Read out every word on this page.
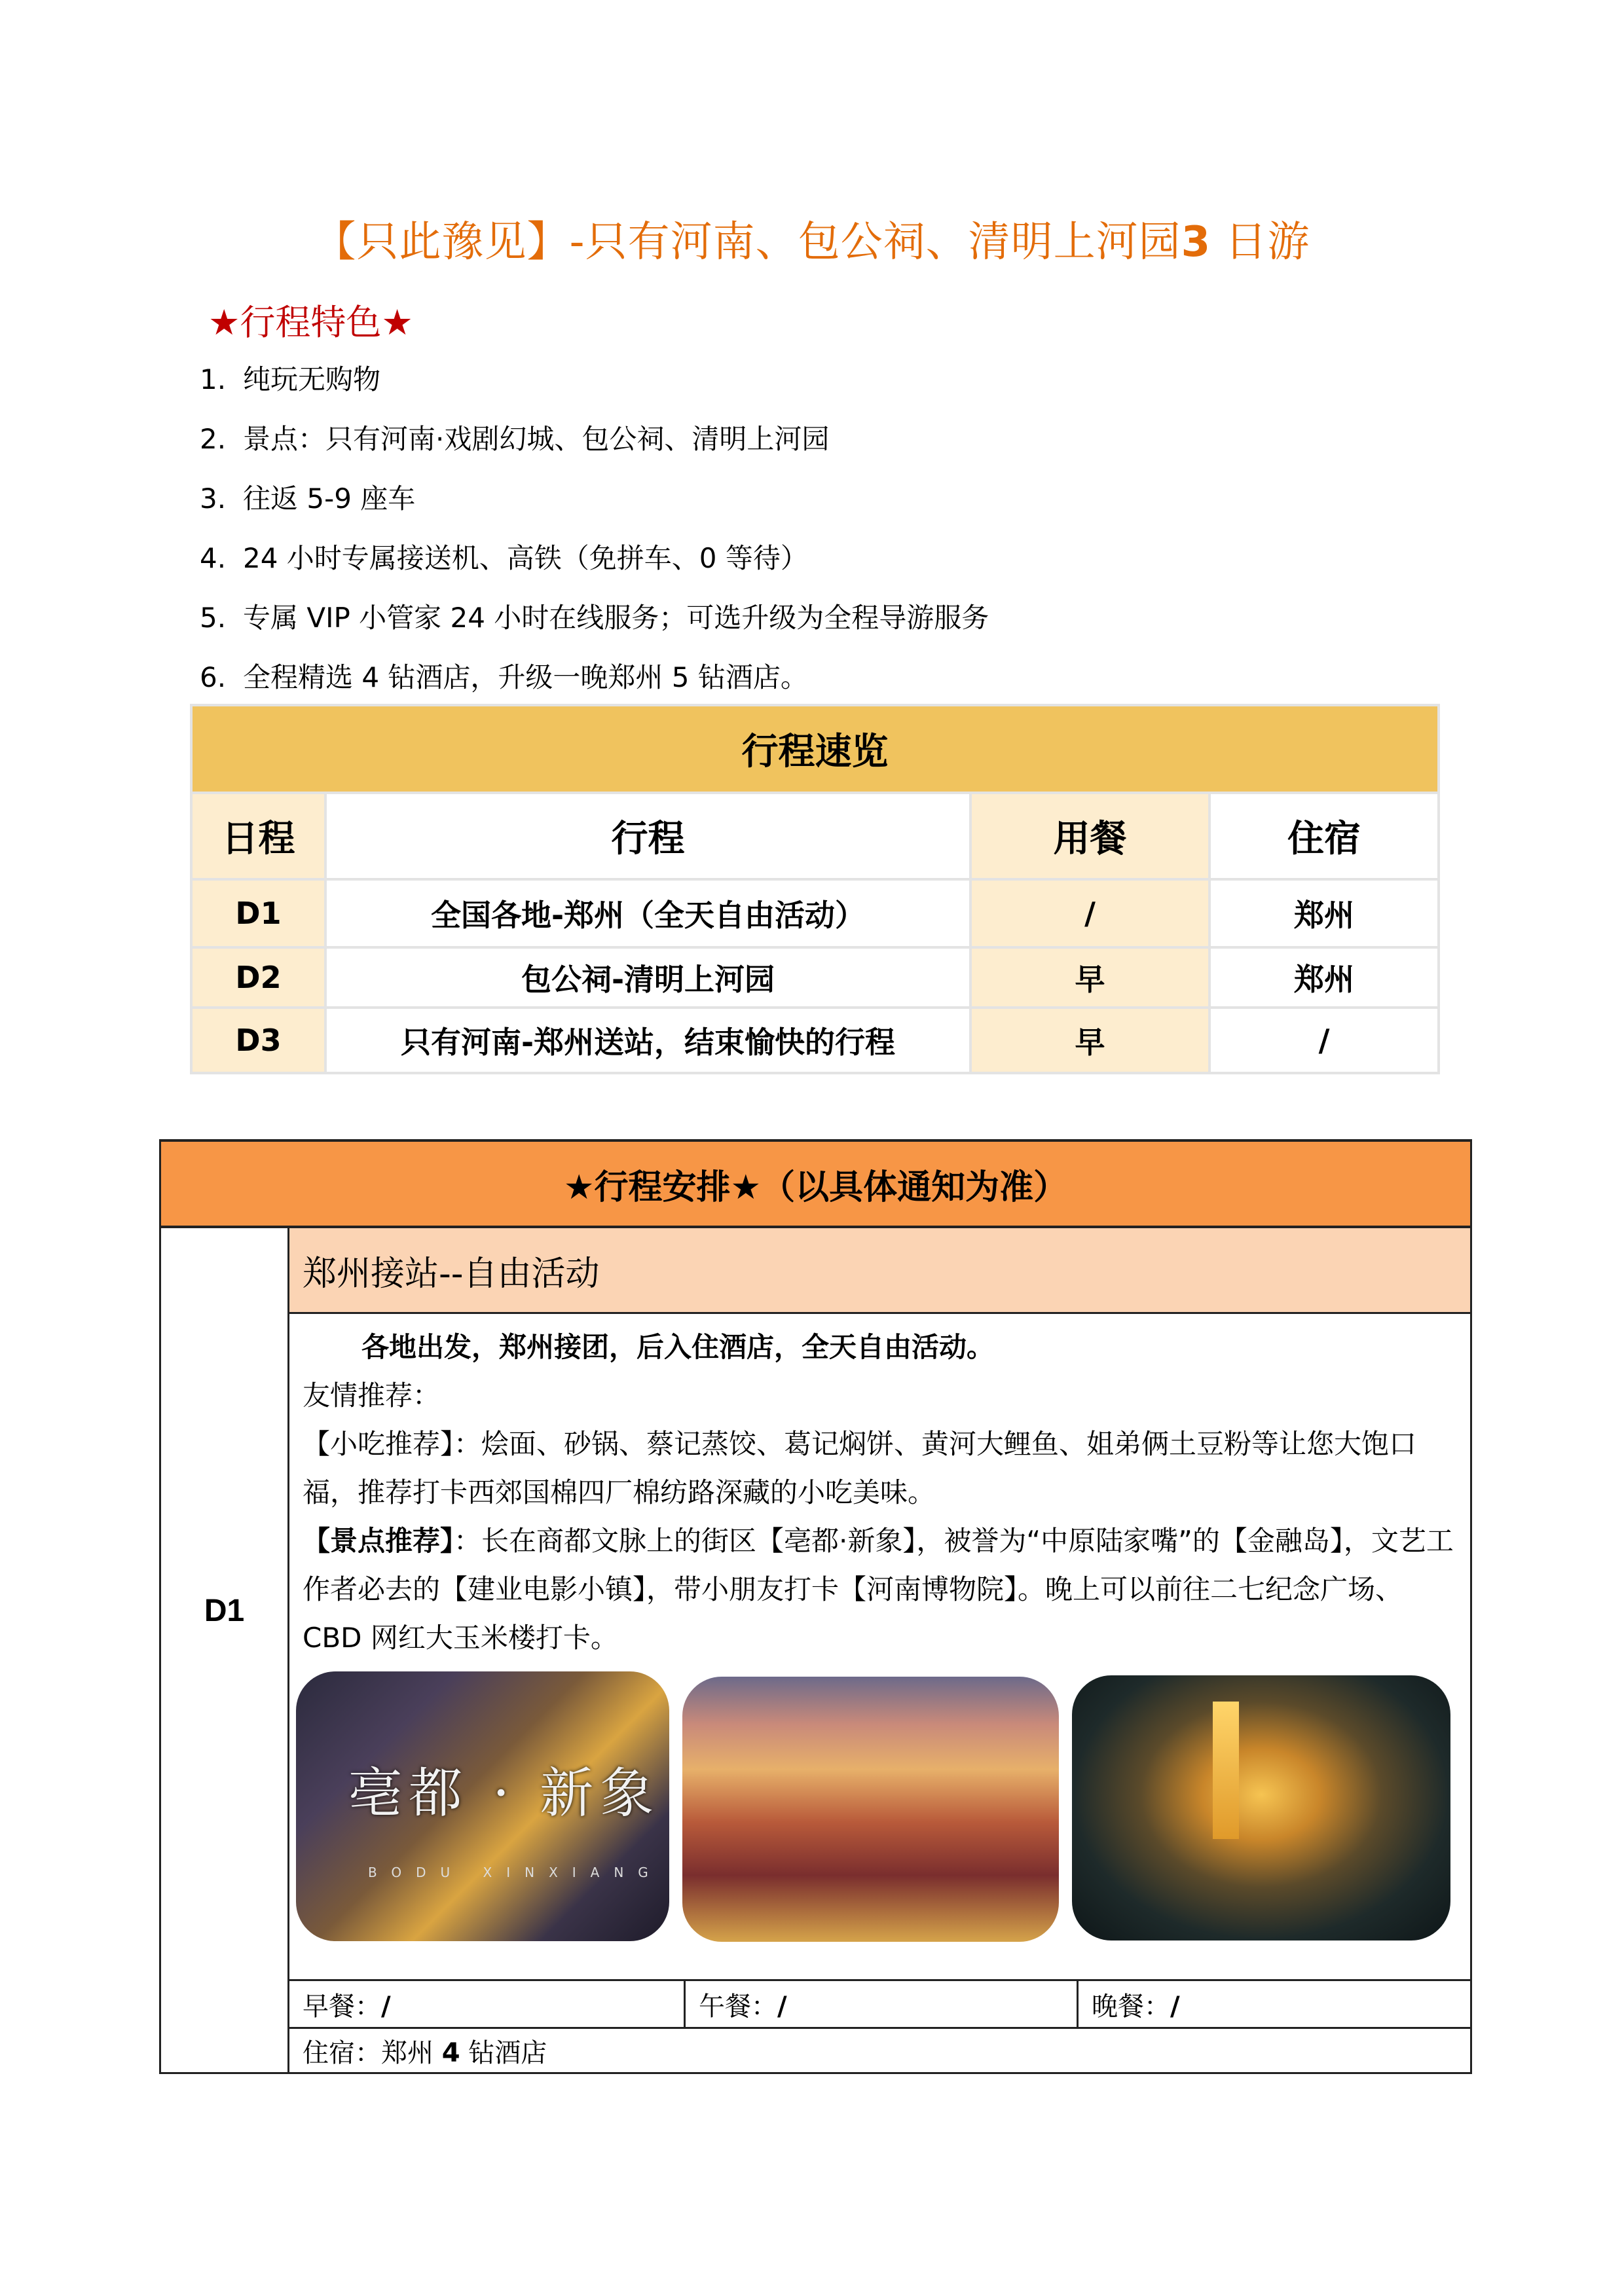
【只此豫见】-只有河南、包公祠、清明上河园3 日游
★行程特色★
1. 纯玩无购物
2. 景点：只有河南·戏剧幻城、包公祠、清明上河园
3. 往返 5-9 座车
4. 24 小时专属接送机、高铁（免拼车、0 等待）
5. 专属 VIP 小管家 24 小时在线服务；可选升级为全程导游服务
6. 全程精选 4 钻酒店，升级一晚郑州 5 钻酒店。
行程速览			
日程	行程	用餐	住宿
D1	全国各地-郑州（全天自由活动）	/	郑州
D2	包公祠-清明上河园	早	郑州
D3	只有河南-郑州送站，结束愉快的行程	早	/
★行程安排★（以具体通知为准）			
D1	郑州接站--自由活动		

各地出发，郑州接团，后入住酒店，全天自由活动。

友情推荐：

【小吃推荐】：烩面、砂锅、蔡记蒸饺、葛记焖饼、黄河大鲤鱼、姐弟俩土豆粉等让您大饱口福，推荐打卡西郊国棉四厂棉纺路深藏的小吃美味。

【景点推荐】：长在商都文脉上的街区【亳都·新象】，被誉为“中原陆家嘴”的【金融岛】，文艺工作者必去的【建业电影小镇】，带小朋友打卡【河南博物院】。晚上可以前往二七纪念广场、CBD 网红大玉米楼打卡。

亳都 · 新象
BODU XINXIANG

	早餐：/	午餐：/	晚餐：/
	住宿：郑州 4 钻酒店		
